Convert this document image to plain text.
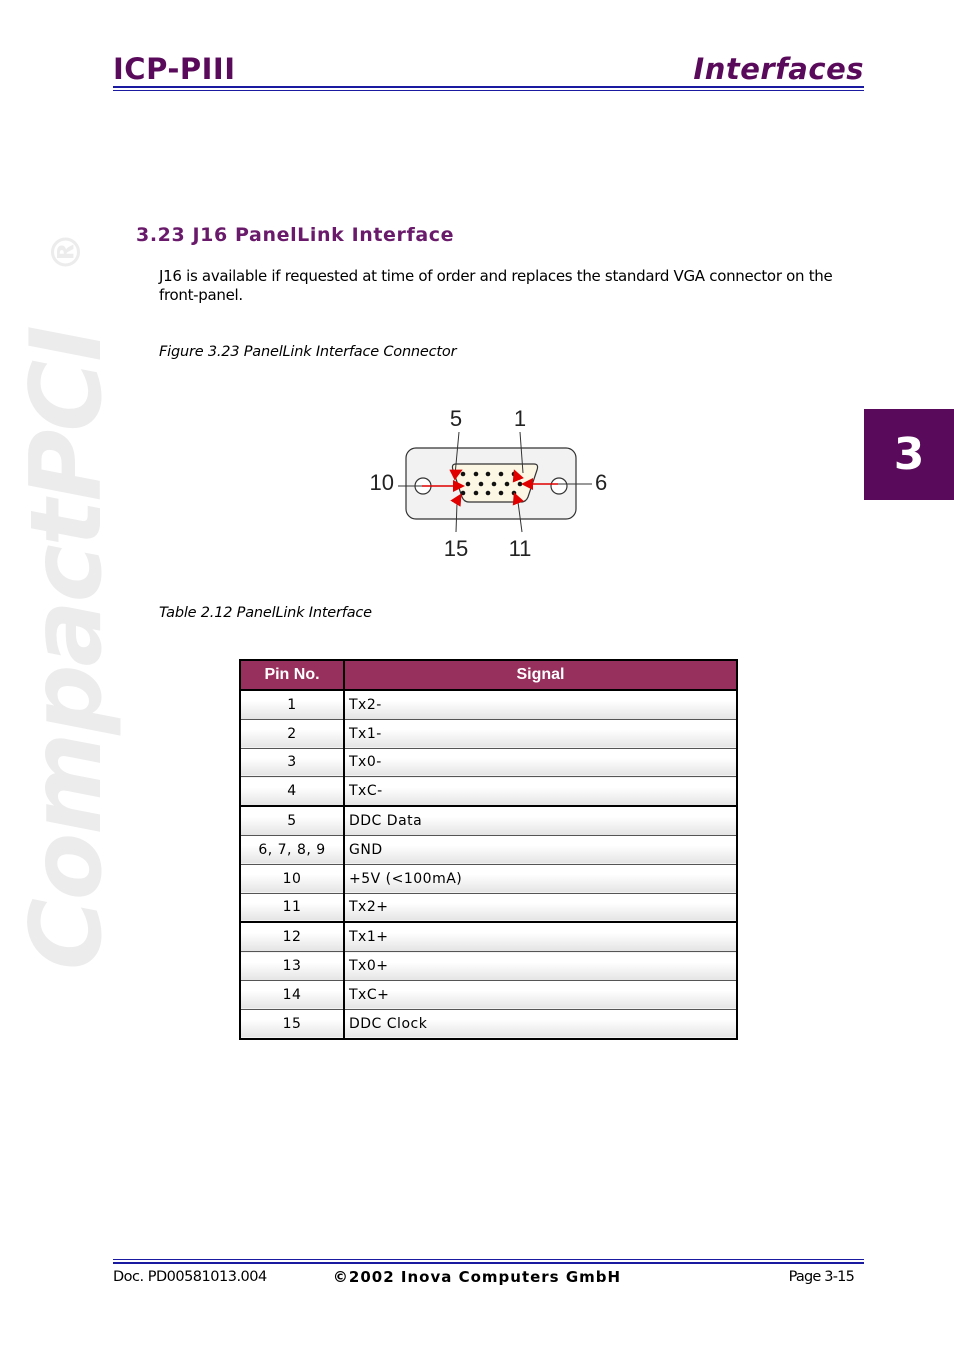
ICP-PIII	Interfaces
CompactPCI
®
3
3.23 J16 PanelLink Interface
J16 is available if requested at time of order and replaces the standard VGA connector on the front-panel.
Figure 3.23 PanelLink Interface Connector
5 1
10	6
15 11
Table 2.12 PanelLink Interface
Pin No.	Signal
1	Tx2-
2	Tx1-
3	Tx0-
4	TxC-
5	DDC Data
6, 7, 8, 9	GND
10	+5V (<100mA)
11	Tx2+
12	Tx1+
13	Tx0+
14	TxC+
15	DDC Clock
Doc. PD00581013.004	©2002 Inova Computers GmbH	Page 3-15
